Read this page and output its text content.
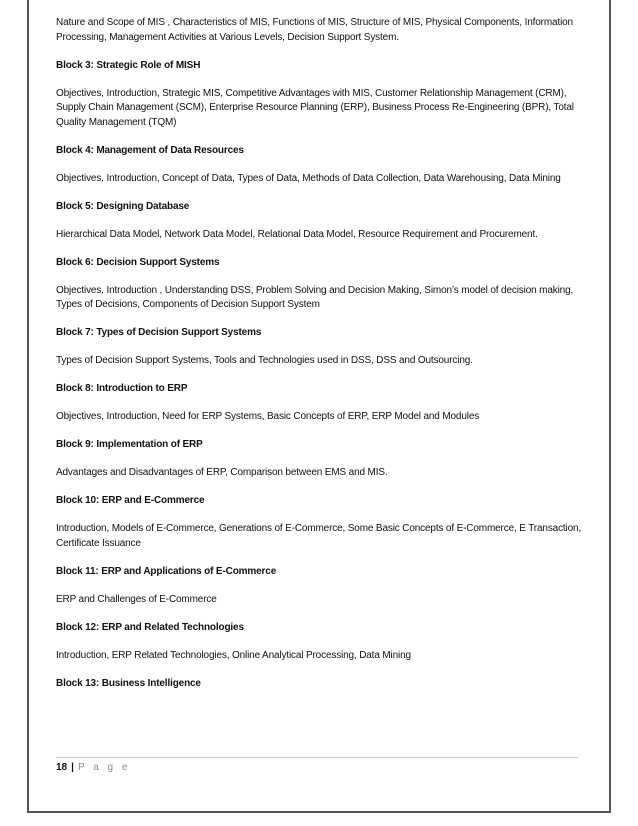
Nature and Scope of MIS , Characteristics of MIS, Functions of MIS, Structure of MIS, Physical Components, Information Processing, Management Activities at Various Levels, Decision Support System.

Block 3: Strategic Role of MISH

Objectives, Introduction, Strategic MIS, Competitive Advantages with MIS, Customer Relationship Management (CRM), Supply Chain Management (SCM), Enterprise Resource Planning (ERP), Business Process Re-Engineering (BPR), Total Quality Management (TQM)

Block 4: Management of Data Resources

Objectives, Introduction, Concept of Data, Types of Data, Methods of Data Collection, Data Warehousing, Data Mining

Block 5: Designing Database

Hierarchical Data Model, Network Data Model, Relational Data Model, Resource Requirement and Procurement.

Block 6: Decision Support Systems

Objectives, Introduction , Understanding DSS, Problem Solving and Decision Making, Simon’s model of decision making, Types of Decisions, Components of Decision Support System

Block 7: Types of Decision Support Systems

Types of Decision Support Systems, Tools and Technologies used in DSS, DSS and Outsourcing.

Block 8: Introduction to ERP

Objectives, Introduction, Need for ERP Systems, Basic Concepts of ERP, ERP Model and Modules

Block 9: Implementation of ERP

Advantages and Disadvantages of ERP, Comparison between EMS and MIS.

Block 10: ERP and E-Commerce

Introduction, Models of E-Commerce, Generations of E-Commerce, Some Basic Concepts of E-Commerce, E Transaction, Certificate Issuance

Block 11: ERP and Applications of E-Commerce

ERP and Challenges of E-Commerce

Block 12: ERP and Related Technologies

Introduction, ERP Related Technologies, Online Analytical Processing, Data Mining

Block 13: Business Intelligence

18 | P a g e
